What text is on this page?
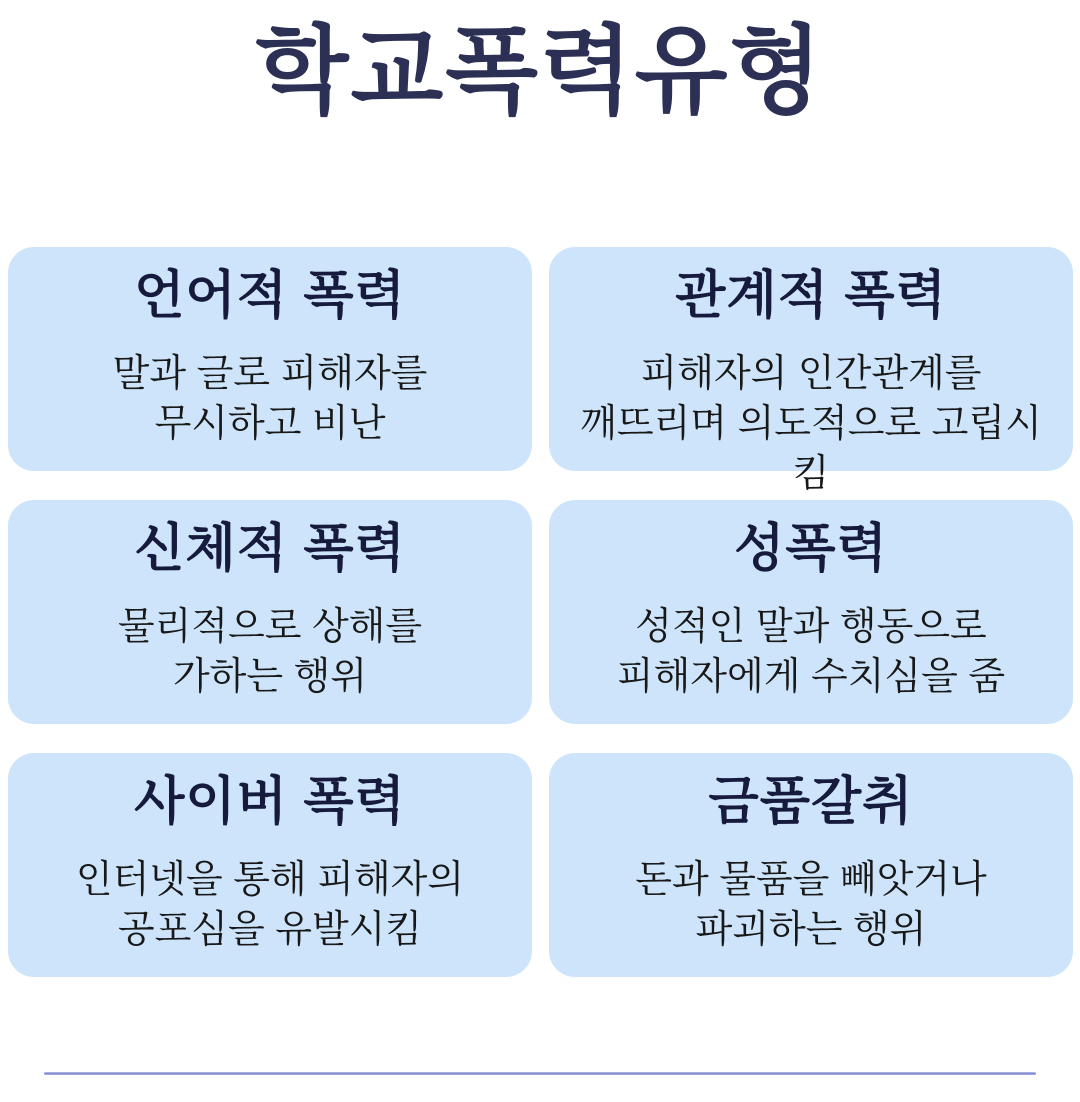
학교폭력유형
언어적 폭력
말과 글로 피해자를
무시하고 비난
관계적 폭력
피해자의 인간관계를
깨뜨리며 의도적으로 고립시킴
신체적 폭력
물리적으로 상해를
가하는 행위
성폭력
성적인 말과 행동으로
피해자에게 수치심을 줌
사이버 폭력
인터넷을 통해 피해자의
공포심을 유발시킴
금품갈취
돈과 물품을 빼앗거나
파괴하는 행위
